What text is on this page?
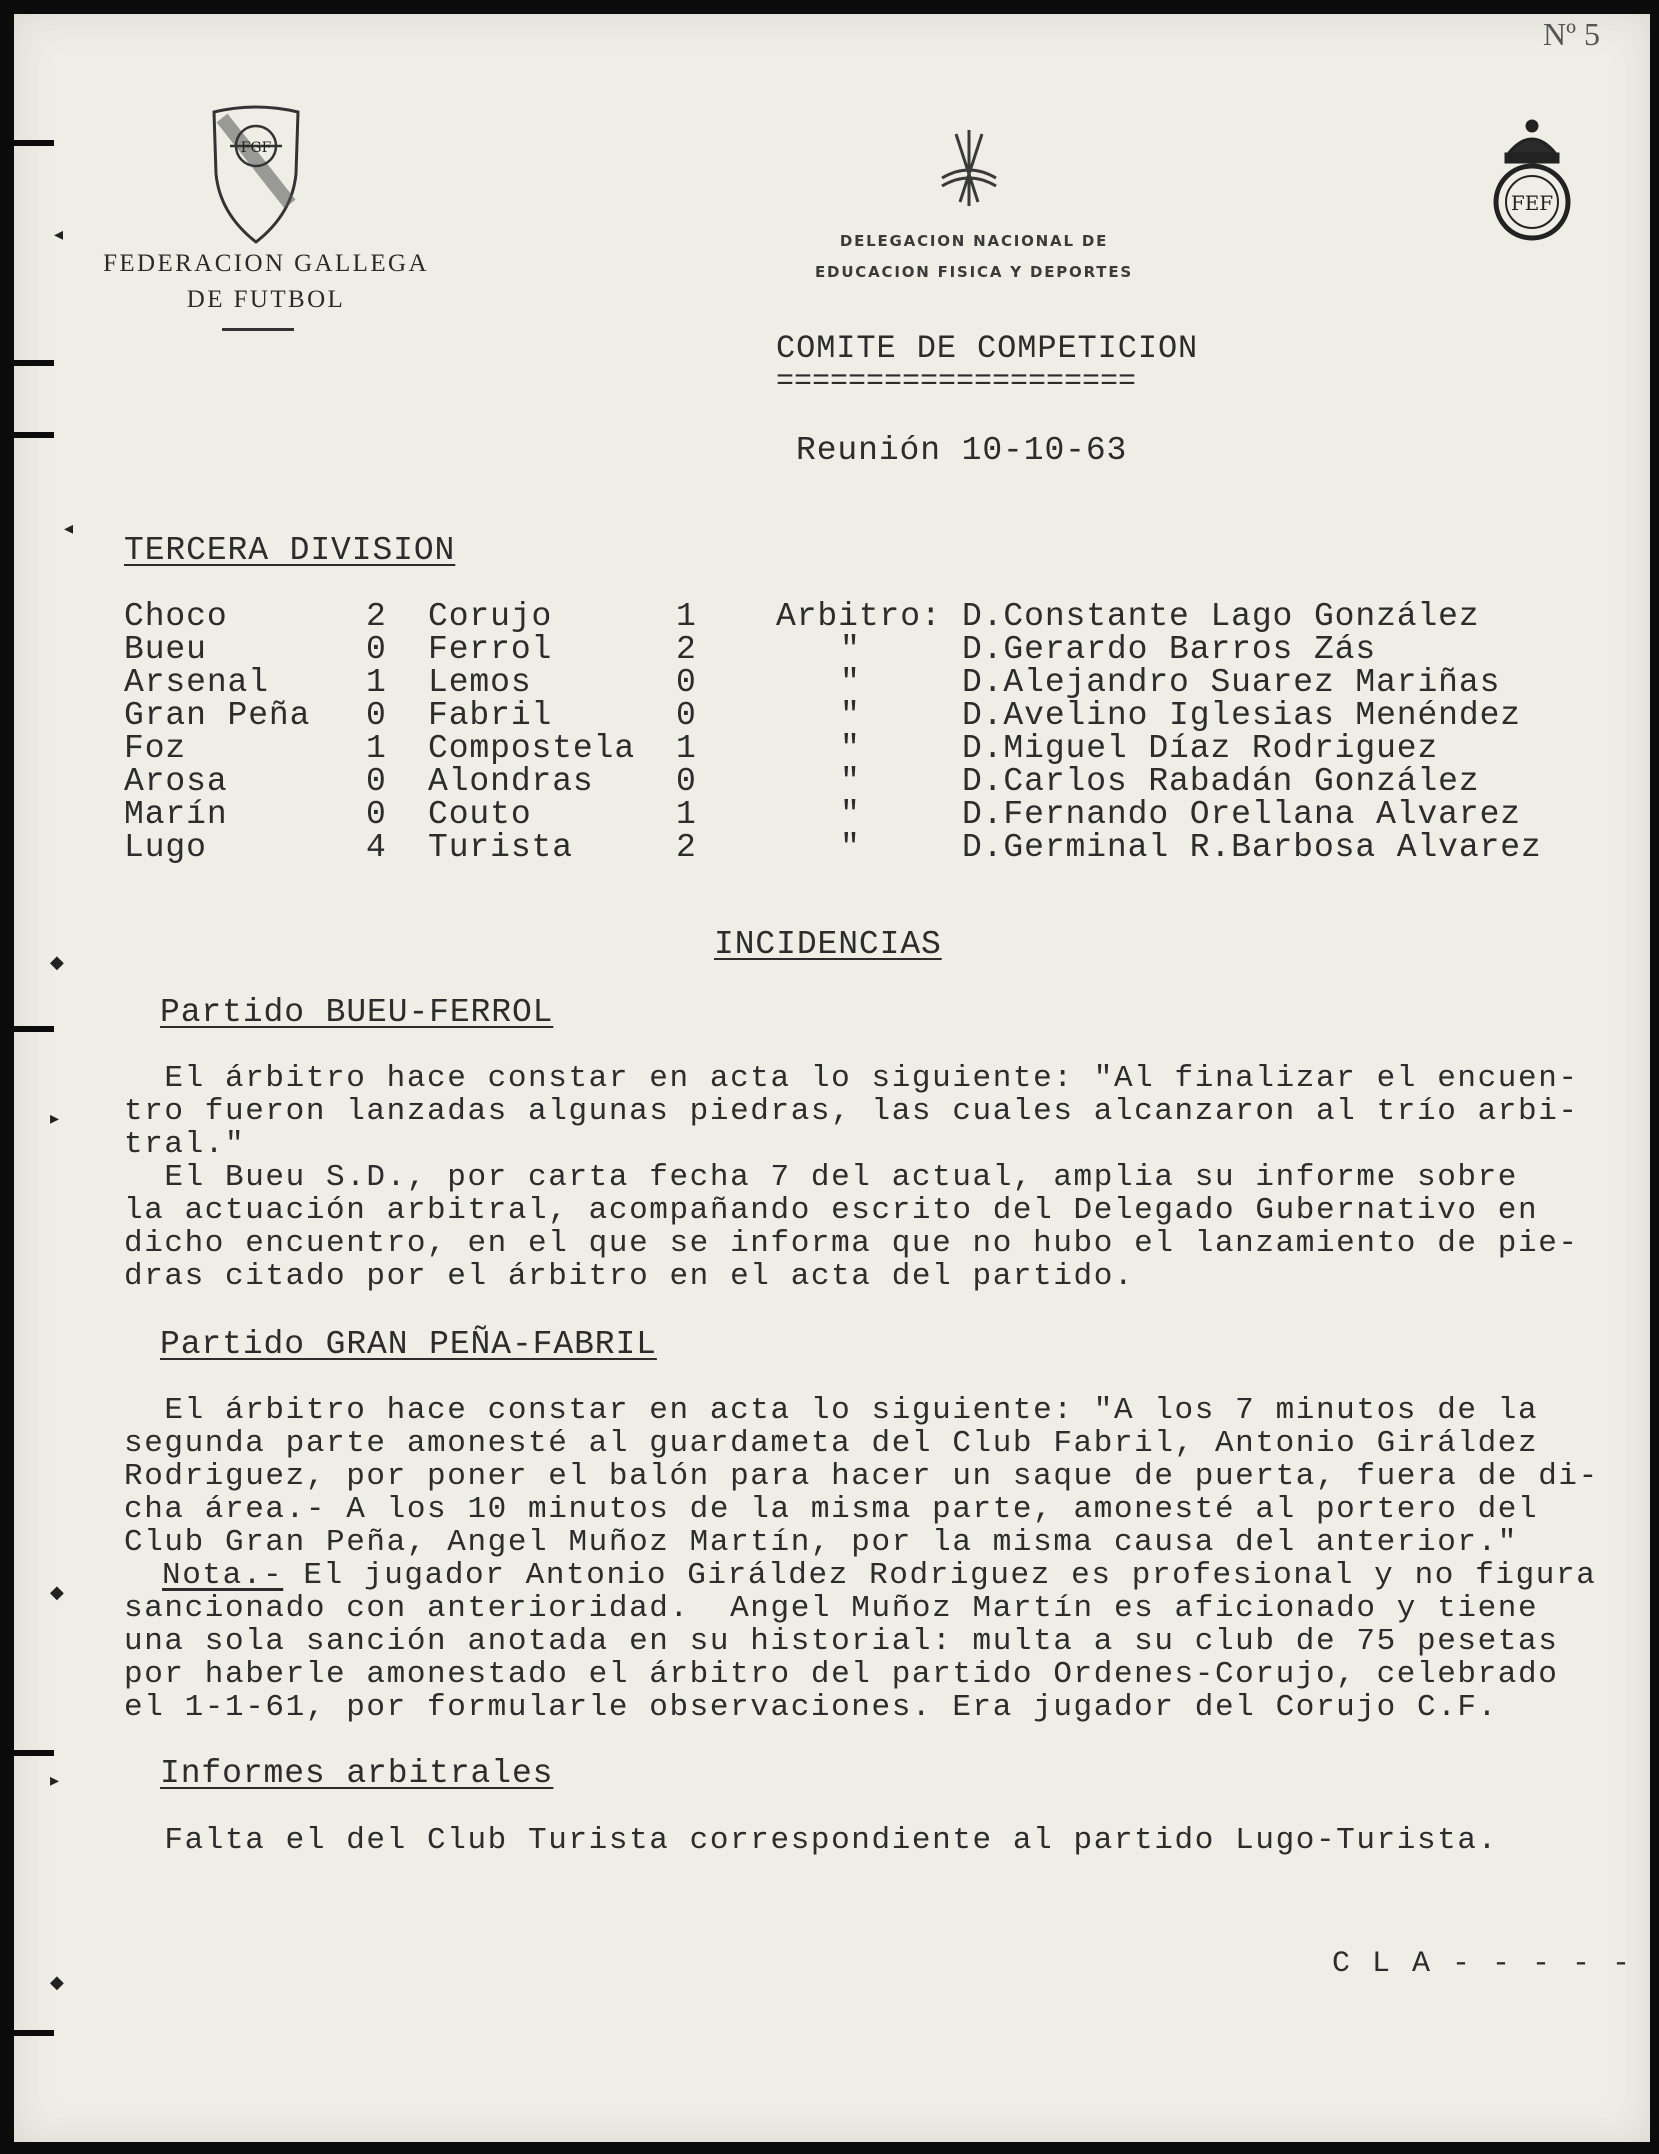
◂
◂
◆
▸
◆
▸
◆
Nº 5
FGF
FEDERACION GALLEGA
DE FUTBOL
DELEGACION NACIONAL DE
EDUCACION FISICA Y DEPORTES
FEF
COMITE DE COMPETICION
====================
Reunión 10-10-63
TERCERA DIVISION
Choco	2 Corujo	1 Arbitro: D.Constante Lago González
Bueu	0 Ferrol	2	"	D.Gerardo Barros Zás
Arsenal	1 Lemos	0	"	D.Alejandro Suarez Mariñas
Gran Peña 0 Fabril	0	"	D.Avelino Iglesias Menéndez
Foz	1 Compostela 1	"	D.Miguel Díaz Rodriguez
Arosa	0 Alondras 0	"	D.Carlos Rabadán González
Marín	0 Couto	1	"	D.Fernando Orellana Alvarez
Lugo	4 Turista	2	"	D.Germinal R.Barbosa Alvarez
INCIDENCIAS
Partido BUEU-FERROL
El árbitro hace constar en acta lo siguiente: "Al finalizar el encuen-
tro fueron lanzadas algunas piedras, las cuales alcanzaron al trío arbi-
tral."
El Bueu S.D., por carta fecha 7 del actual, amplia su informe sobre
la actuación arbitral, acompañando escrito del Delegado Gubernativo en
dicho encuentro, en el que se informa que no hubo el lanzamiento de pie-
dras citado por el árbitro en el acta del partido.
Partido GRAN PEÑA-FABRIL
El árbitro hace constar en acta lo siguiente: "A los 7 minutos de la
segunda parte amonesté al guardameta del Club Fabril, Antonio Giráldez
Rodriguez, por poner el balón para hacer un saque de puerta, fuera de di-
cha área.- A los 10 minutos de la misma parte, amonesté al portero del
Club Gran Peña, Angel Muñoz Martín, por la misma causa del anterior."
Nota.- El jugador Antonio Giráldez Rodriguez es profesional y no figura
sancionado con anterioridad.  Angel Muñoz Martín es aficionado y tiene
una sola sanción anotada en su historial: multa a su club de 75 pesetas
por haberle amonestado el árbitro del partido Ordenes-Corujo, celebrado
el 1-1-61, por formularle observaciones. Era jugador del Corujo C.F.
Informes arbitrales
Falta el del Club Turista correspondiente al partido Lugo-Turista.
C L A - - - - -
